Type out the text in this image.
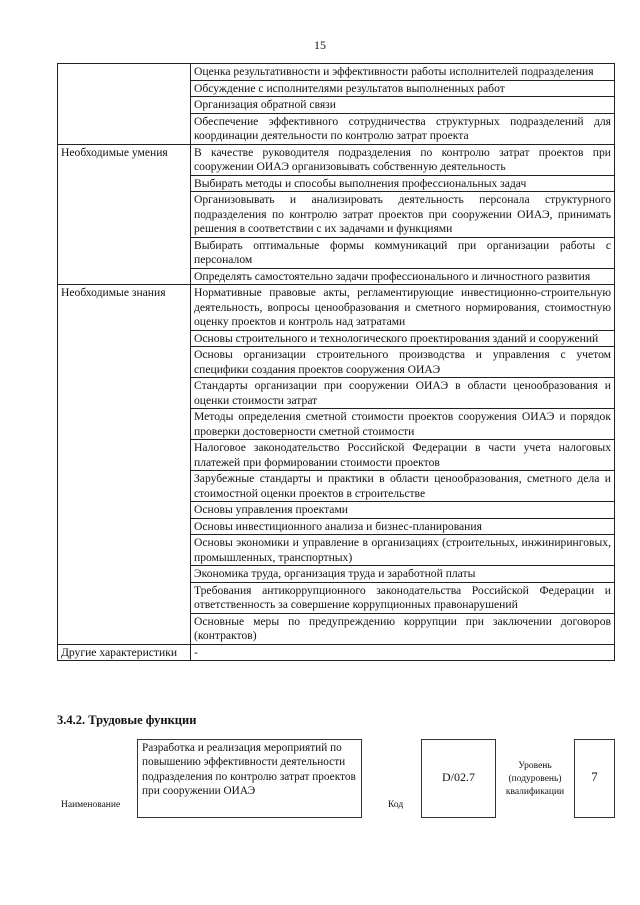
15
	Оценка результативности и эффективности работы исполнителей подразделения
	Обсуждение с исполнителями результатов выполненных работ
	Организация обратной связи
	Обеспечение эффективного сотрудничества структурных подразделений для координации деятельности по контролю затрат проекта
Необходимые умения	В качестве руководителя подразделения по контролю затрат проектов при сооружении ОИАЭ организовывать собственную деятельность
	Выбирать методы и способы выполнения профессиональных задач
	Организовывать и анализировать деятельность персонала структурного подразделения по контролю затрат проектов при сооружении ОИАЭ, принимать решения в соответствии с их задачами и функциями
	Выбирать оптимальные формы коммуникаций при организации работы с персоналом
	Определять самостоятельно задачи профессионального и личностного развития
Необходимые знания	Нормативные правовые акты, регламентирующие инвестиционно-строительную деятельность, вопросы ценообразования и сметного нормирования, стоимостную оценку проектов и контроль над затратами
	Основы строительного и технологического проектирования зданий и сооружений
	Основы организации строительного производства и управления с учетом специфики создания проектов сооружения ОИАЭ
	Стандарты организации при сооружении ОИАЭ в области ценообразования и оценки стоимости затрат
	Методы определения сметной стоимости проектов сооружения ОИАЭ и порядок проверки достоверности сметной стоимости
	Налоговое законодательство Российской Федерации в части учета налоговых платежей при формировании стоимости проектов
	Зарубежные стандарты и практики в области ценообразования, сметного дела и стоимостной оценки проектов в строительстве
	Основы управления проектами
	Основы инвестиционного анализа и бизнес-планирования
	Основы экономики и управление в организациях (строительных, инжиниринговых, промышленных, транспортных)
	Экономика труда, организация труда и заработной платы
	Требования антикоррупционного законодательства Российской Федерации и ответственность за совершение коррупционных правонарушений
	Основные меры по предупреждению коррупции при заключении договоров (контрактов)
Другие характеристики	-
3.4.2. Трудовые функции
Наименование
Разработка и реализация мероприятий по повышению эффективности деятельности подразделения по контролю затрат проектов при сооружении ОИАЭ
Код
D/02.7
Уровень (подуровень) квалификации
7
